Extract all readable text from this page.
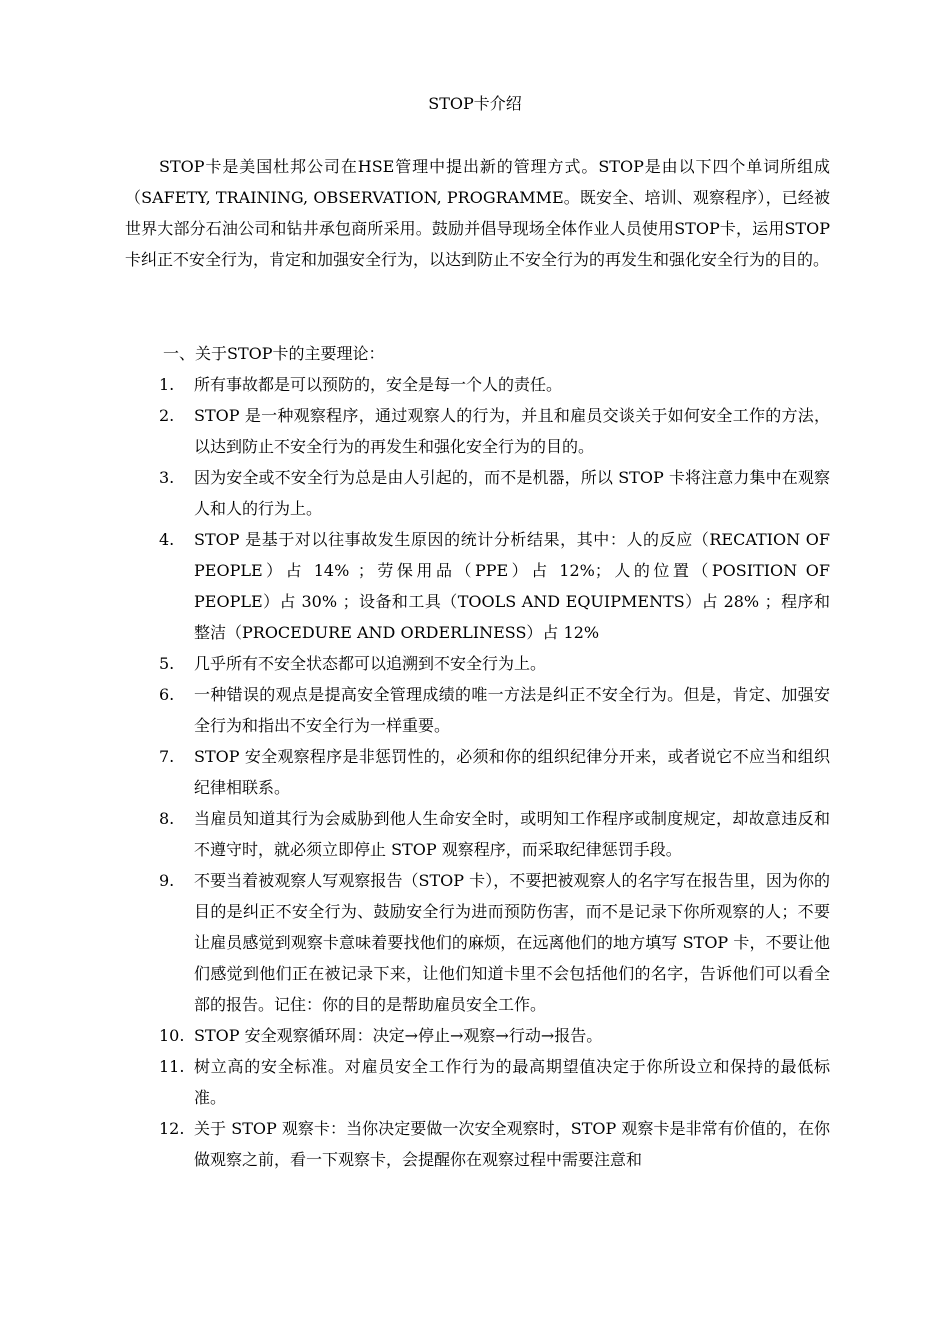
STOP卡介绍

STOP卡是美国杜邦公司在HSE管理中提出新的管理方式。STOP是由以下四个单词所组成（SAFETY, TRAINING, OBSERVATION, PROGRAMME。既安全、培训、观察程序），已经被世界大部分石油公司和钻井承包商所采用。鼓励并倡导现场全体作业人员使用STOP卡，运用STOP卡纠正不安全行为，肯定和加强安全行为，以达到防止不安全行为的再发生和强化安全行为的目的。

一、关于STOP卡的主要理论：

1.	所有事故都是可以预防的，安全是每一个人的责任。
2.	STOP 是一种观察程序，通过观察人的行为，并且和雇员交谈关于如何安全工作的方法，以达到防止不安全行为的再发生和强化安全行为的目的。
3.	因为安全或不安全行为总是由人引起的，而不是机器，所以 STOP 卡将注意力集中在观察人和人的行为上。
4.	STOP 是基于对以往事故发生原因的统计分析结果，其中：人的反应（RECATION OF PEOPLE）占 14% ；劳保用品（PPE）占 12%；人的位置（POSITION OF PEOPLE）占 30% ；设备和工具（TOOLS AND EQUIPMENTS）占 28% ；程序和整洁（PROCEDURE AND ORDERLINESS）占 12%
5.	几乎所有不安全状态都可以追溯到不安全行为上。
6.	一种错误的观点是提高安全管理成绩的唯一方法是纠正不安全行为。但是，肯定、加强安全行为和指出不安全行为一样重要。
7.	STOP 安全观察程序是非惩罚性的，必须和你的组织纪律分开来，或者说它不应当和组织纪律相联系。
8.	当雇员知道其行为会威胁到他人生命安全时，或明知工作程序或制度规定，却故意违反和不遵守时，就必须立即停止 STOP 观察程序，而采取纪律惩罚手段。
9.	不要当着被观察人写观察报告（STOP 卡），不要把被观察人的名字写在报告里，因为你的目的是纠正不安全行为、鼓励安全行为进而预防伤害，而不是记录下你所观察的人；不要让雇员感觉到观察卡意味着要找他们的麻烦，在远离他们的地方填写 STOP 卡，不要让他们感觉到他们正在被记录下来，让他们知道卡里不会包括他们的名字，告诉他们可以看全部的报告。记住：你的目的是帮助雇员安全工作。
10. STOP 安全观察循环周：决定→停止→观察→行动→报告。
11. 树立高的安全标准。对雇员安全工作行为的最高期望值决定于你所设立和保持的最低标准。
12. 关于 STOP 观察卡：当你决定要做一次安全观察时，STOP 观察卡是非常有价值的，在你做观察之前，看一下观察卡，会提醒你在观察过程中需要注意和
